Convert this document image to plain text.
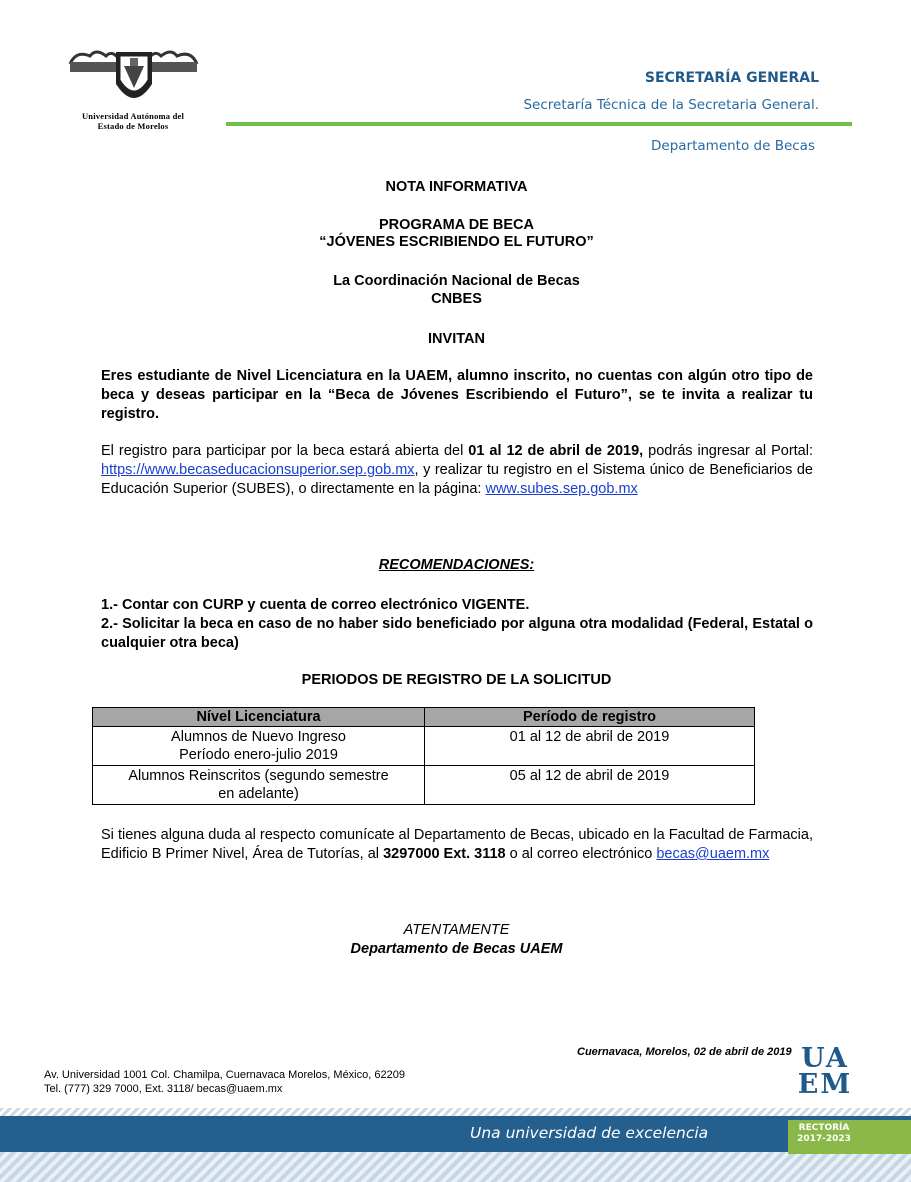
Universidad Autónoma del
Estado de Morelos
SECRETARÍA GENERAL
Secretaría Técnica de la Secretaria General.
Departamento de Becas
NOTA INFORMATIVA
PROGRAMA DE BECA
“JÓVENES ESCRIBIENDO EL FUTURO”
La Coordinación Nacional de Becas
CNBES
INVITAN
Eres estudiante de Nivel Licenciatura en la UAEM, alumno inscrito, no cuentas con algún otro tipo de beca y deseas participar en la “Beca de Jóvenes Escribiendo el Futuro”, se te invita a realizar tu registro.
El registro para participar por la beca estará abierta del 01 al 12 de abril de 2019, podrás ingresar al Portal: https://www.becaseducacionsuperior.sep.gob.mx, y realizar tu registro en el Sistema único de Beneficiarios de Educación Superior (SUBES), o directamente en la página: www.subes.sep.gob.mx
RECOMENDACIONES:
1.- Contar con CURP y cuenta de correo electrónico VIGENTE.
2.- Solicitar la beca en caso de no haber sido beneficiado por alguna otra modalidad (Federal, Estatal o cualquier otra beca)
PERIODOS DE REGISTRO DE LA SOLICITUD
Nível Licenciatura	Período de registro

Alumnos de Nuevo Ingreso
Período enero-julio 2019	01 al 12 de abril de 2019

Alumnos Reinscritos (segundo semestre
en adelante)	05 al 12 de abril de 2019
Si tienes alguna duda al respecto comunícate al Departamento de Becas, ubicado en la Facultad de Farmacia, Edificio B Primer Nivel, Área de Tutorías, al 3297000 Ext. 3118 o al correo electrónico becas@uaem.mx
ATENTAMENTE
Departamento de Becas UAEM
Cuernavaca, Morelos, 02 de abril de 2019
Av. Universidad 1001 Col. Chamilpa, Cuernavaca Morelos, México, 62209
Tel. (777) 329 7000, Ext. 3118/ becas@uaem.mx
UA
EM
Una universidad de excelencia	RECTORÍA
2017-2023
